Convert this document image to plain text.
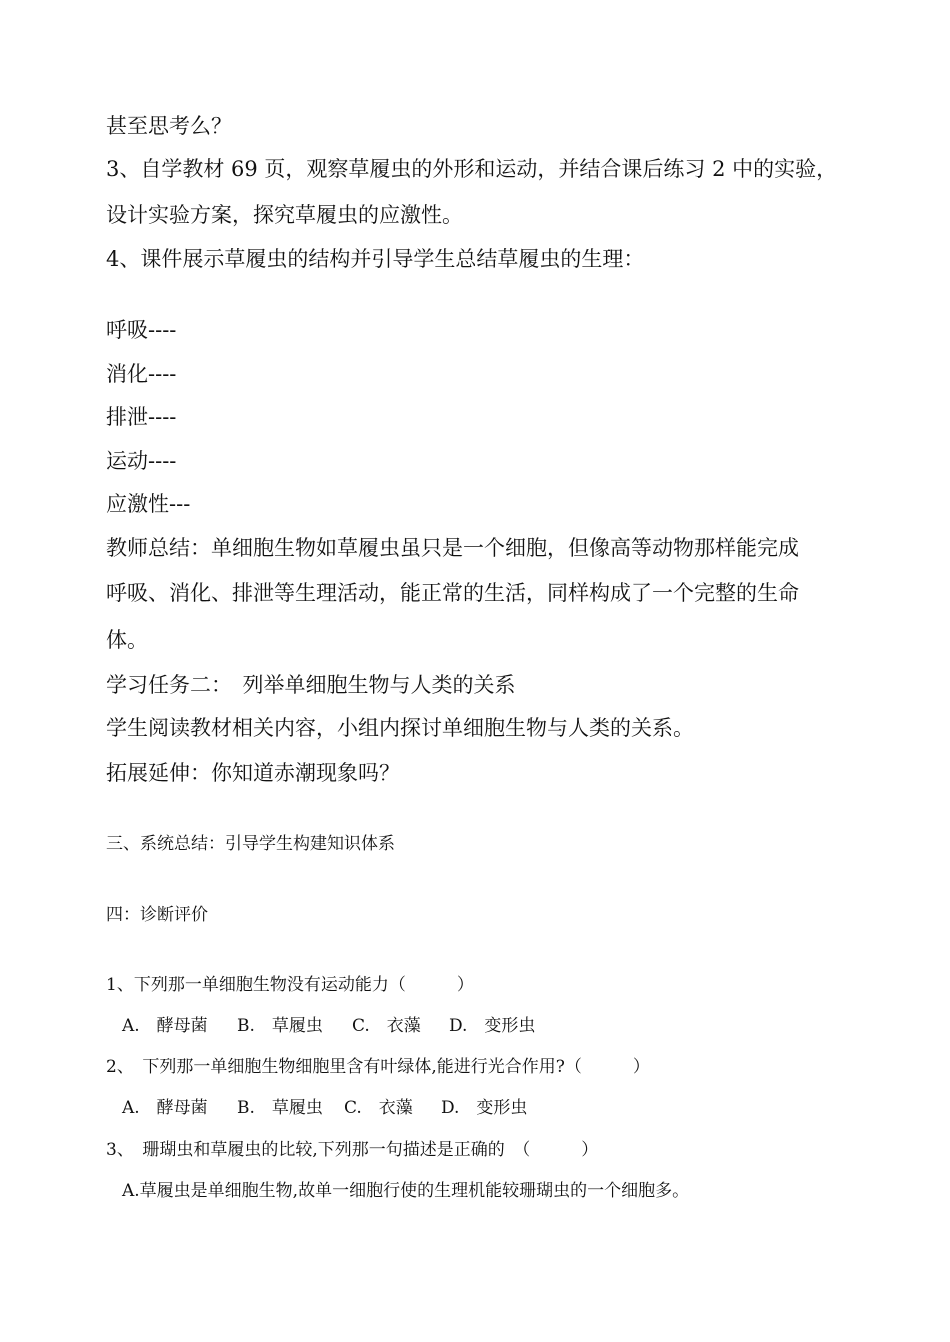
甚至思考么？
3、自学教材 69 页，观察草履虫的外形和运动，并结合课后练习 2 中的实验，
设计实验方案，探究草履虫的应激性。
4、课件展示草履虫的结构并引导学生总结草履虫的生理：
呼吸----
消化----
排泄----
运动----
应激性---
教师总结：单细胞生物如草履虫虽只是一个细胞，但像高等动物那样能完成
呼吸、消化、排泄等生理活动，能正常的生活，同样构成了一个完整的生命
体。
学习任务二：　列举单细胞生物与人类的关系
学生阅读教材相关内容，小组内探讨单细胞生物与人类的关系。
拓展延伸：你知道赤潮现象吗？
三、系统总结：引导学生构建知识体系
四：诊断评价
1、下列那一单细胞生物没有运动能力（　　　）
A.　酵母菌 B.　草履虫 C.　衣藻 D.　变形虫
2、　下列那一单细胞生物细胞里含有叶绿体,能进行光合作用?（　　　）
A.　酵母菌 B.　草履虫 C.　衣藻 D.　变形虫
3、　珊瑚虫和草履虫的比较,下列那一句描述是正确的　（　　　）
A.草履虫是单细胞生物,故单一细胞行使的生理机能较珊瑚虫的一个细胞多。
